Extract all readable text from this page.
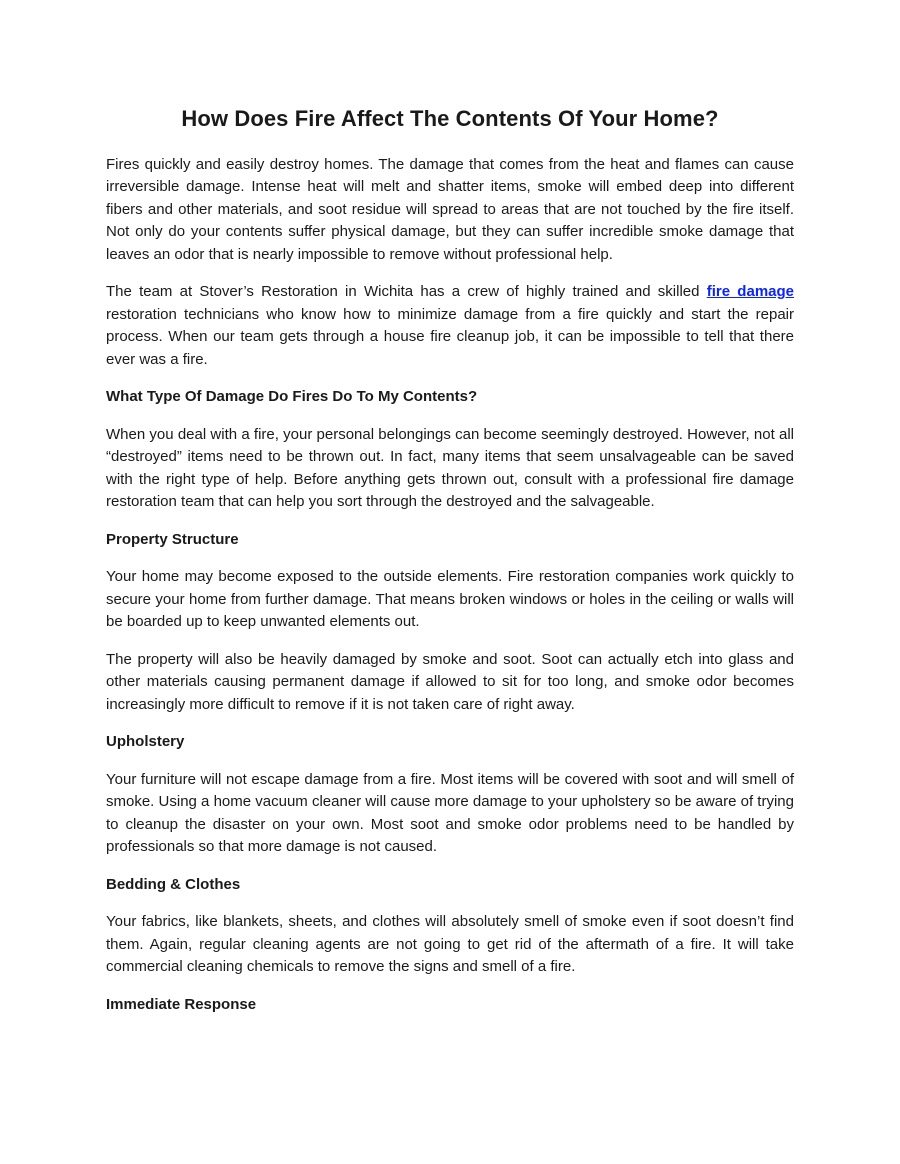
How Does Fire Affect The Contents Of Your Home?

Fires quickly and easily destroy homes. The damage that comes from the heat and flames can cause irreversible damage. Intense heat will melt and shatter items, smoke will embed deep into different fibers and other materials, and soot residue will spread to areas that are not touched by the fire itself. Not only do your contents suffer physical damage, but they can suffer incredible smoke damage that leaves an odor that is nearly impossible to remove without professional help.

The team at Stover’s Restoration in Wichita has a crew of highly trained and skilled fire damage restoration technicians who know how to minimize damage from a fire quickly and start the repair process. When our team gets through a house fire cleanup job, it can be impossible to tell that there ever was a fire.

What Type Of Damage Do Fires Do To My Contents?

When you deal with a fire, your personal belongings can become seemingly destroyed. However, not all “destroyed” items need to be thrown out. In fact, many items that seem unsalvageable can be saved with the right type of help. Before anything gets thrown out, consult with a professional fire damage restoration team that can help you sort through the destroyed and the salvageable.

Property Structure

Your home may become exposed to the outside elements. Fire restoration companies work quickly to secure your home from further damage. That means broken windows or holes in the ceiling or walls will be boarded up to keep unwanted elements out.

The property will also be heavily damaged by smoke and soot. Soot can actually etch into glass and other materials causing permanent damage if allowed to sit for too long, and smoke odor becomes increasingly more difficult to remove if it is not taken care of right away.

Upholstery

Your furniture will not escape damage from a fire. Most items will be covered with soot and will smell of smoke. Using a home vacuum cleaner will cause more damage to your upholstery so be aware of trying to cleanup the disaster on your own. Most soot and smoke odor problems need to be handled by professionals so that more damage is not caused.

Bedding & Clothes

Your fabrics, like blankets, sheets, and clothes will absolutely smell of smoke even if soot doesn’t find them. Again, regular cleaning agents are not going to get rid of the aftermath of a fire. It will take commercial cleaning chemicals to remove the signs and smell of a fire.

Immediate Response
